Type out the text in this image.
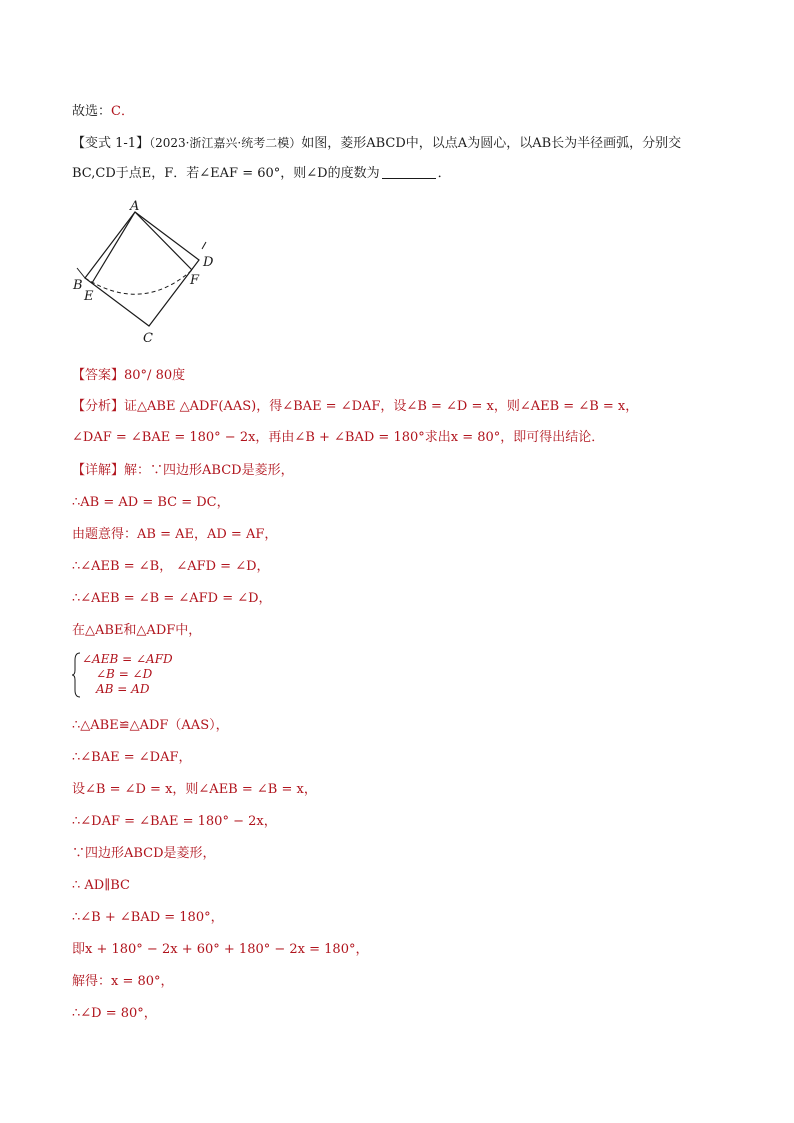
故选：C．
【变式 1-1】（2023·浙江嘉兴·统考二模）如图，菱形ABCD中，以点A为圆心，以AB长为半径画弧，分别交
BC,CD于点E，F．若∠EAF = 60°，则∠D的度数为	．
A
B
C
D
E
F
【答案】80°/ 80度
【分析】证△ABE △ADF(AAS)，得∠BAE = ∠DAF，设∠B = ∠D = x，则∠AEB = ∠B = x，
∠DAF = ∠BAE = 180° − 2x，再由∠B + ∠BAD = 180°求出x = 80°，即可得出结论．
【详解】解：∵四边形ABCD是菱形，
∴AB = AD = BC = DC，
由题意得：AB = AE，AD = AF，
∴∠AEB = ∠B， ∠AFD = ∠D，
∴∠AEB = ∠B = ∠AFD = ∠D，
在△ABE和△ADF中，
∠AEB = ∠AFD
∠B = ∠D
AB = AD
∴△ABE≌△ADF（AAS），
∴∠BAE = ∠DAF，
设∠B = ∠D = x，则∠AEB = ∠B = x，
∴∠DAF = ∠BAE = 180° − 2x，
∵四边形ABCD是菱形，
∴ AD∥BC
∴∠B + ∠BAD = 180°，
即x + 180° − 2x + 60° + 180° − 2x = 180°，
解得：x = 80°，
∴∠D = 80°，
